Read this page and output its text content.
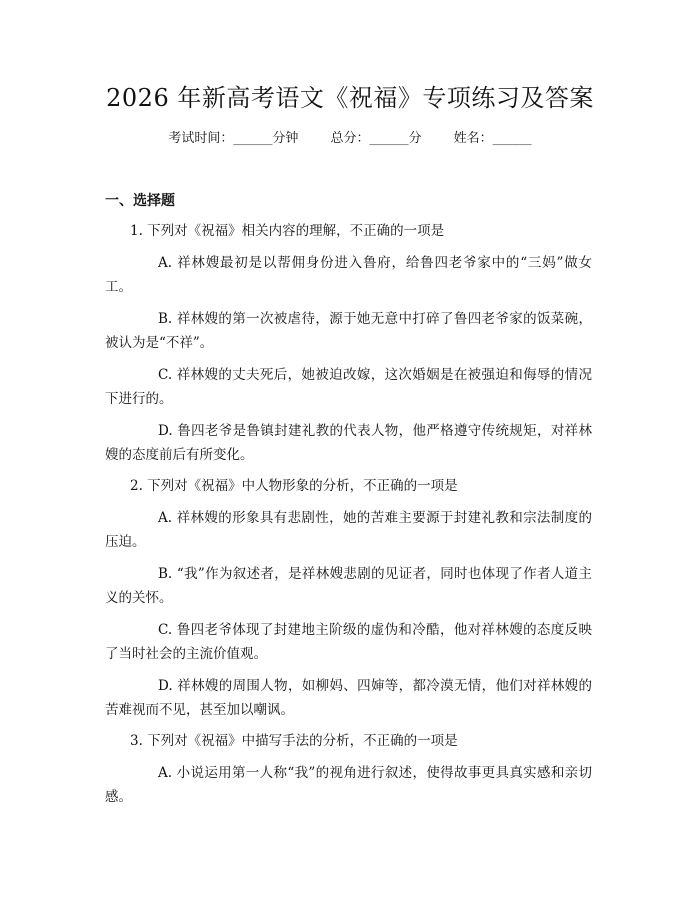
2026 年新高考语文《祝福》专项练习及答案
考试时间：______分钟 总分：______分 姓名：______
一、选择题
1. 下列对《祝福》相关内容的理解，不正确的一项是
A. 祥林嫂最初是以帮佣身份进入鲁府，给鲁四老爷家中的“三妈”做女工。
B. 祥林嫂的第一次被虐待，源于她无意中打碎了鲁四老爷家的饭菜碗，被认为是“不祥”。
C. 祥林嫂的丈夫死后，她被迫改嫁，这次婚姻是在被强迫和侮辱的情况下进行的。
D. 鲁四老爷是鲁镇封建礼教的代表人物，他严格遵守传统规矩，对祥林嫂的态度前后有所变化。
2. 下列对《祝福》中人物形象的分析，不正确的一项是
A. 祥林嫂的形象具有悲剧性，她的苦难主要源于封建礼教和宗法制度的压迫。
B. “我”作为叙述者，是祥林嫂悲剧的见证者，同时也体现了作者人道主义的关怀。
C. 鲁四老爷体现了封建地主阶级的虚伪和冷酷，他对祥林嫂的态度反映了当时社会的主流价值观。
D. 祥林嫂的周围人物，如柳妈、四婶等，都冷漠无情，他们对祥林嫂的苦难视而不见，甚至加以嘲讽。
3. 下列对《祝福》中描写手法的分析，不正确的一项是
A. 小说运用第一人称“我”的视角进行叙述，使得故事更具真实感和亲切感。
